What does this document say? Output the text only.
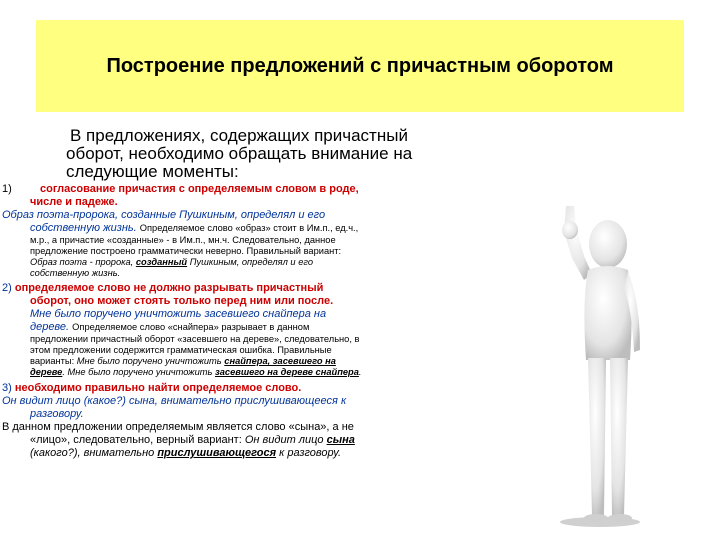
Построение предложений с причастным оборотом
В предложениях, содержащих причастный
оборот, необходимо обращать внимание на
следующие моменты:

1)	согласование причастия с определяемым словом в роде,

числе и падеже.

Образ поэта-пророка, созданные Пушкиным, определял и его

собственную жизнь. Определяемое слово «образ» стоит в Им.п., ед.ч.,

м.р., а причастие «созданные» - в Им.п., мн.ч. Следовательно, данное

предложение построено грамматически неверно. Правильный вариант:

Образ поэта - пророка, созданный Пушкиным, определял и его

собственную жизнь.

2) определяемое слово не должно разрывать причастный

оборот, оно может стоять только перед ним или после.

Мне было поручено уничтожить засевшего снайпера на

дереве. Определяемое слово «снайпера» разрывает в данном

предложении причастный оборот «засевшего на дереве», следовательно, в

этом предложении содержится грамматическая ошибка. Правильные

варианты: Мне было поручено уничтожить снайпера, засевшего на

дереве. Мне было поручено уничтожить засевшего на дереве снайпера.

3) необходимо правильно найти определяемое слово.

Он видит лицо (какое?) сына, внимательно прислушивающееся к

разговору.

В данном предложении определяемым является слово «сына», а не

«лицо», следовательно, верный вариант: Он видит лицо сына

(какого?), внимательно прислушивающегося к разговору.
